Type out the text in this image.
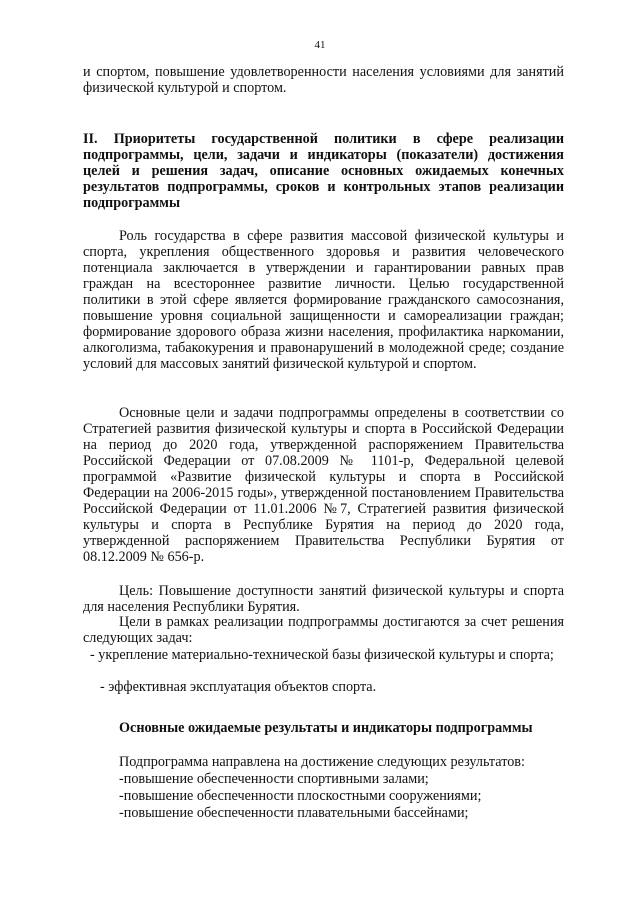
41

и спортом, повышение удовлетворенности населения условиями для занятий физической культурой и спортом.

II. Приоритеты государственной политики в сфере реализации подпрограммы, цели, задачи и индикаторы (показатели) достижения целей и решения задач, описание основных ожидаемых конечных результатов подпрограммы, сроков и контрольных этапов реализации подпрограммы

Роль государства в сфере развития массовой физической культуры и спорта, укрепления общественного здоровья и развития человеческого потенциала заключается в утверждении и гарантировании равных прав граждан на всестороннее развитие личности. Целью государственной политики в этой сфере является формирование гражданского самосознания, повышение уровня социальной защищенности и самореализации граждан; формирование здорового образа жизни населения, профилактика наркомании, алкоголизма, табакокурения и правонарушений в молодежной среде; создание условий для массовых занятий физической культурой и спортом.

Основные цели и задачи подпрограммы определены в соответствии со Стратегией развития физической культуры и спорта в Российской Федерации на период до 2020 года, утвержденной распоряжением Правительства Российской Федерации от 07.08.2009 № 1101-р, Федеральной целевой программой «Развитие физической культуры и спорта в Российской Федерации на 2006-2015 годы», утвержденной постановлением Правительства Российской Федерации от 11.01.2006 №7, Стратегией развития физической культуры и спорта в Республике Бурятия на период до 2020 года, утвержденной распоряжением Правительства Республики Бурятия от 08.12.2009 № 656-р.

Цель: Повышение доступности занятий физической культуры и спорта для населения Республики Бурятия.

Цели в рамках реализации подпрограммы достигаются за счет решения следующих задач:

- укрепление материально-технической базы физической культуры и спорта;

- эффективная эксплуатация объектов спорта.

Основные ожидаемые результаты и индикаторы подпрограммы

Подпрограмма направлена на достижение следующих результатов:

-повышение обеспеченности спортивными залами;

-повышение обеспеченности плоскостными сооружениями;

-повышение обеспеченности плавательными бассейнами;
